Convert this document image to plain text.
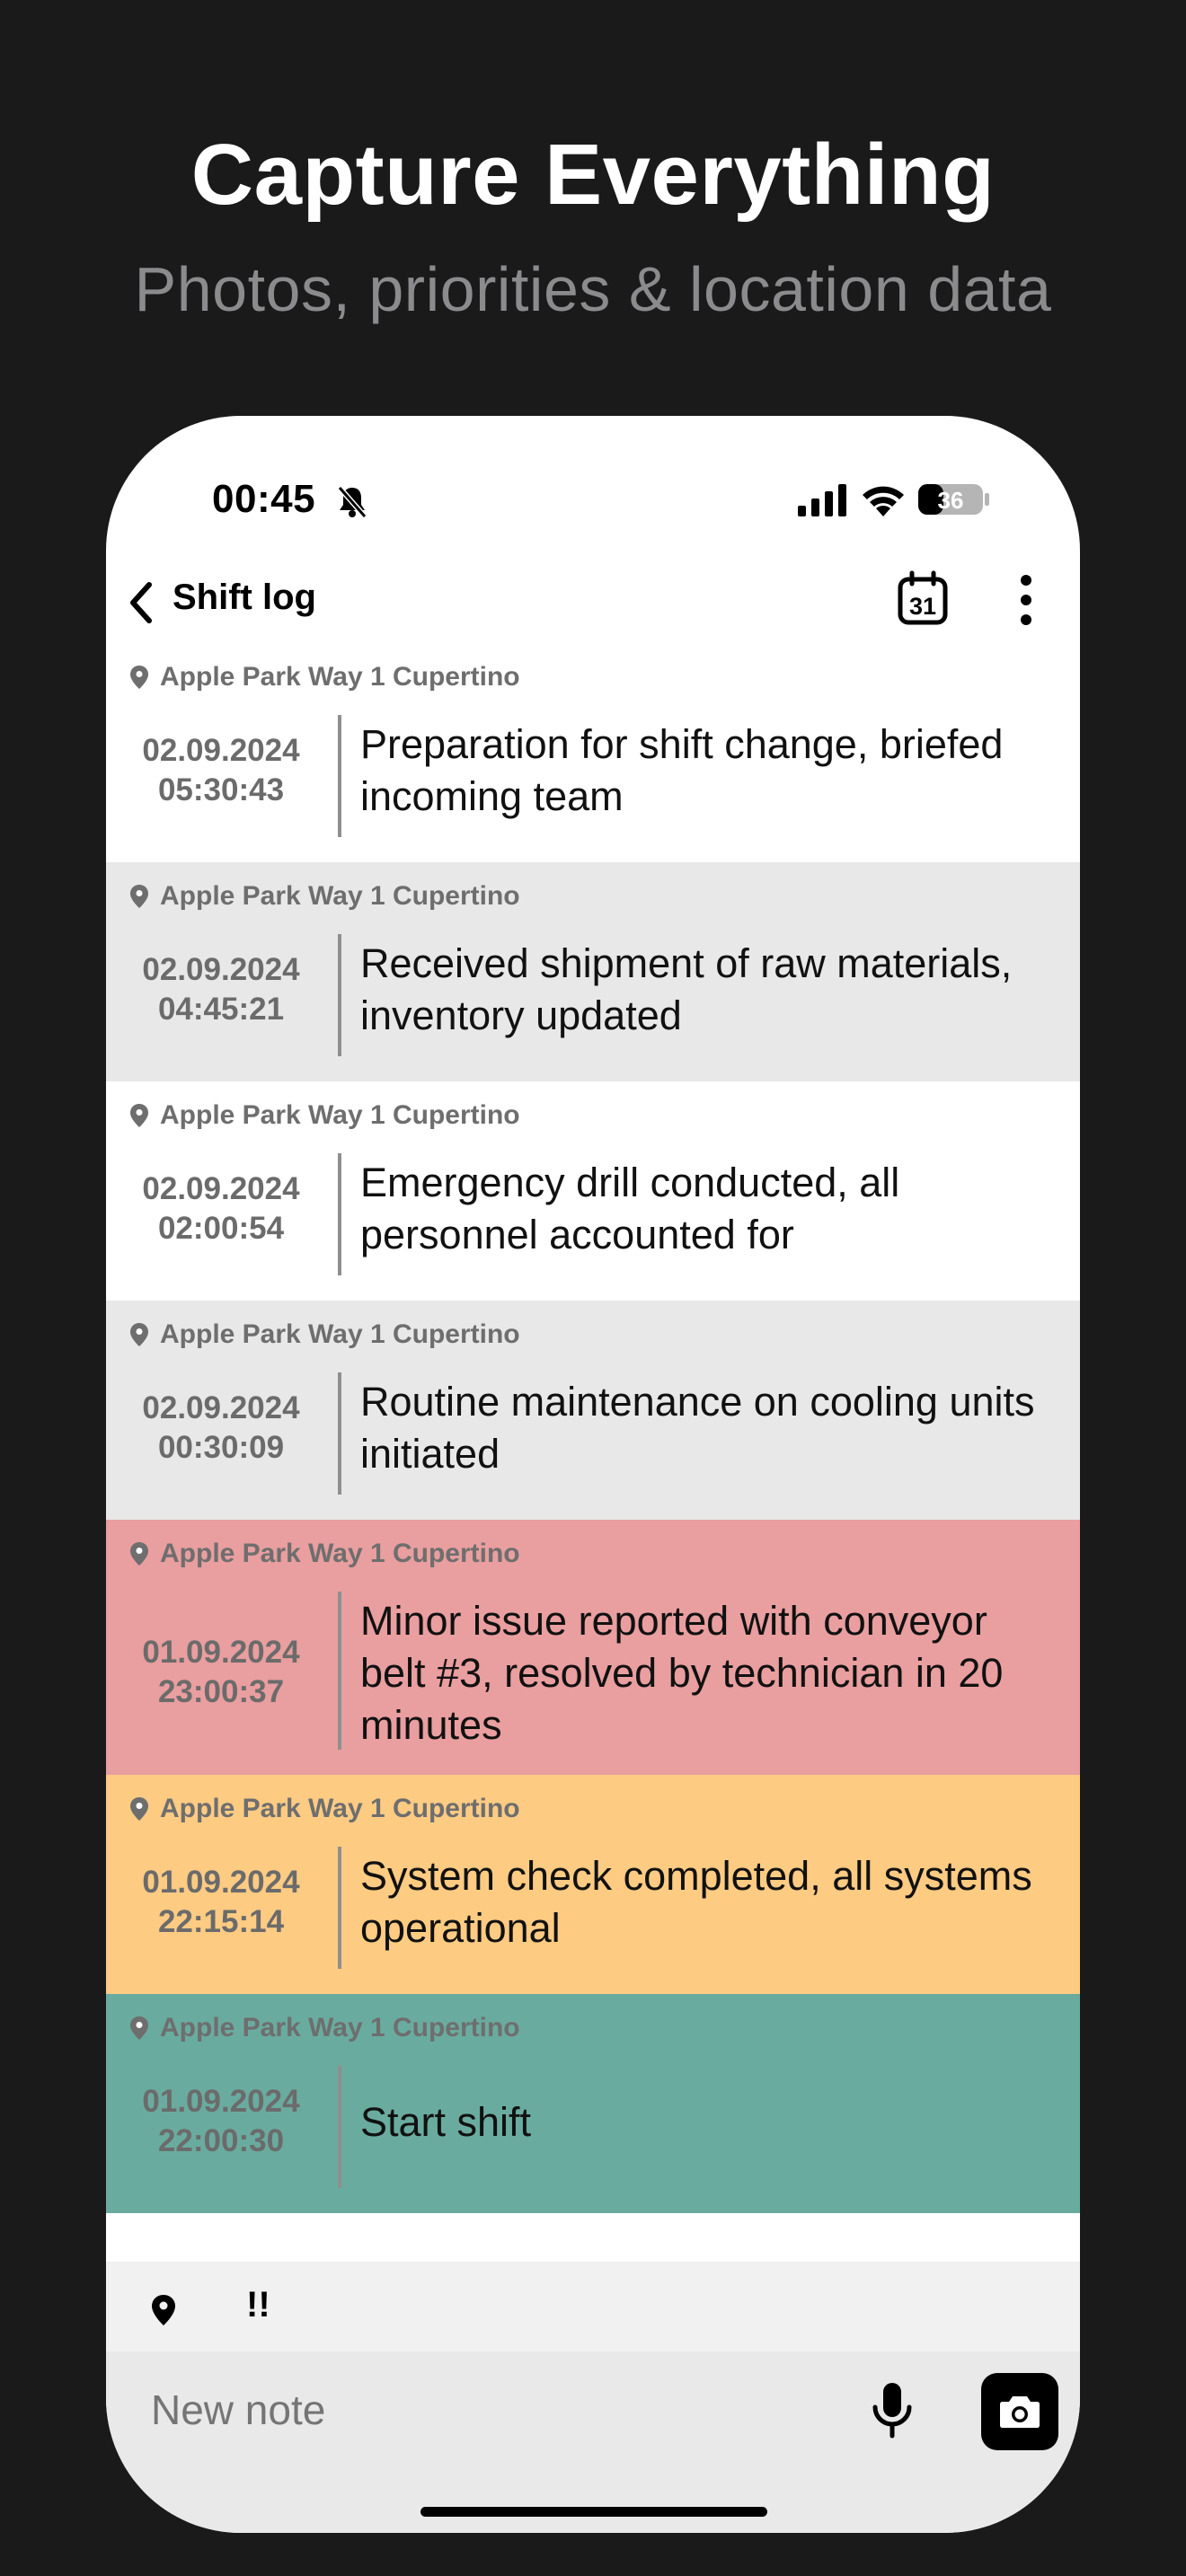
Capture Everything
Photos, priorities & location data
00:45	36
Shift log	31
Apple Park Way 1 Cupertino
02.09.2024
05:30:43
Preparation for shift change, briefed incoming team
Apple Park Way 1 Cupertino
02.09.2024
04:45:21
Received shipment of raw materials, inventory updated
Apple Park Way 1 Cupertino
02.09.2024
02:00:54
Emergency drill conducted, all personnel accounted for
Apple Park Way 1 Cupertino
02.09.2024
00:30:09
Routine maintenance on cooling units initiated
Apple Park Way 1 Cupertino
01.09.2024
23:00:37
Minor issue reported with conveyor belt #3, resolved by technician in 20 minutes
Apple Park Way 1 Cupertino
01.09.2024
22:15:14
System check completed, all systems operational
Apple Park Way 1 Cupertino
01.09.2024
22:00:30	Start shift
!!
New note
